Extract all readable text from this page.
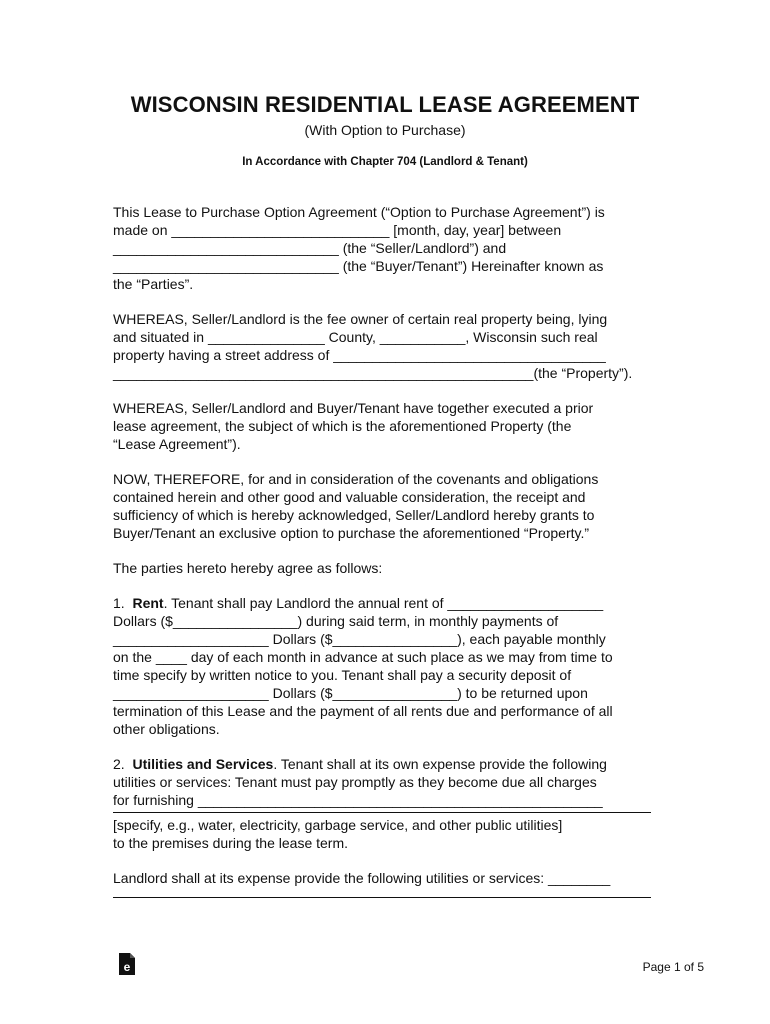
WISCONSIN RESIDENTIAL LEASE AGREEMENT
(With Option to Purchase)
In Accordance with Chapter 704 (Landlord & Tenant)
This Lease to Purchase Option Agreement (“Option to Purchase Agreement”) is
made on ____________________________ [month, day, year] between
_____________________________ (the “Seller/Landlord”) and
_____________________________ (the “Buyer/Tenant”) Hereinafter known as
the “Parties”.
WHEREAS, Seller/Landlord is the fee owner of certain real property being, lying
and situated in _______________ County, ___________, Wisconsin such real
property having a street address of ___________________________________
______________________________________________________(the “Property”).
WHEREAS, Seller/Landlord and Buyer/Tenant have together executed a prior
lease agreement, the subject of which is the aforementioned Property (the
“Lease Agreement”).
NOW, THEREFORE, for and in consideration of the covenants and obligations
contained herein and other good and valuable consideration, the receipt and
sufficiency of which is hereby acknowledged, Seller/Landlord hereby grants to
Buyer/Tenant an exclusive option to purchase the aforementioned “Property.”
The parties hereto hereby agree as follows:
1. Rent. Tenant shall pay Landlord the annual rent of ____________________
Dollars ($________________) during said term, in monthly payments of
____________________ Dollars ($________________), each payable monthly
on the ____ day of each month in advance at such place as we may from time to
time specify by written notice to you. Tenant shall pay a security deposit of
____________________ Dollars ($________________) to be returned upon
termination of this Lease and the payment of all rents due and performance of all
other obligations.
2. Utilities and Services. Tenant shall at its own expense provide the following
utilities or services: Tenant must pay promptly as they become due all charges
for furnishing ____________________________________________________
[specify, e.g., water, electricity, garbage service, and other public utilities]
to the premises during the lease term.
Landlord shall at its expense provide the following utilities or services: ________
e	Page 1 of 5
